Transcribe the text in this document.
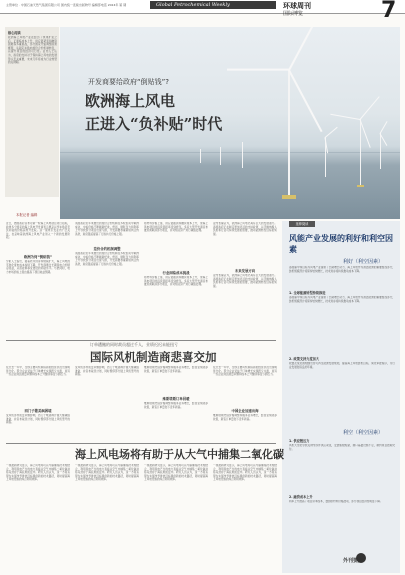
主管单位 · 中国石油天然气集团有限公司 国内统一连续出版物号 编辑部电话 2024年 第 期	Global Petrochemical Weekly	环球周刊
国际博览	7
核心阅读
欧洲海上风电产业在经历了快速扩张之后，正面临成本上升、供应链紧张和融资困难等多重挑战，部分国家开始调整政策框架，从固定补贴向差价合约机制转变，以提升项目的经济可行性。业内人士认为，政府的支持对于保持海上风电的发展势头至关重要，未来几年将成为行业转型的关键期。
本报记者 编辑
开发商要给政府“倒贴钱”?
欧洲海上风电
正进入“负补贴”时代
近日，德国政府宣布对新一轮海上风电项目进行招标，欧洲多个国家的海上风电开发商表示愿意以零补贴甚至负补贴的价格获得开发权。这一现象引发业内广泛关注，也意味着欧洲海上风电产业进入一个新的发展阶段。
欧洲为何“倒贴钱”
分析人士指出，随着技术进步和规模扩大，海上风电的平准化度电成本持续下降，开发商通过长期售电合约锁定收益，从而能够承受更低的补贴水平。与此同时，电力市场价格上涨也提高了项目收益预期。
英国政府近年来推出的差价合约机制在多轮拍卖中取得成功，中标价格不断刷新纪录。然而，通胀压力和利率上升导致部分项目出现亏损，开发商要求重新谈判合约条款，政府随后提高了行政执行价格上限。
差价合约机制调整
英国政府近年来推出的差价合约机制在多轮拍卖中取得成功，中标价格不断刷新纪录。然而，通胀压力和利率上升导致部分项目出现亏损，开发商要求重新谈判合约条款，政府随后提高了行政执行价格上限。
原材料价格上涨、供应链瓶颈和融资成本上升，使海上风电项目的投资回报率受到挤压。多家大型开发商宣布推迟或取消部分项目，并对相关资产进行减值处理。
行业面临成本挑战
原材料价格上涨、供应链瓶颈和融资成本上升，使海上风电项目的投资回报率受到挤压。多家大型开发商宣布推迟或取消部分项目，并对相关资产进行减值处理。
业内普遍认为，欧洲海上风电仍具有巨大的发展潜力。各国政府正在制定更加灵活的支持政策，以平衡纳税人负担和行业可持续发展的需要，推动能源转型目标的实现。
未来发展方向
业内普遍认为，欧洲海上风电仍具有巨大的发展潜力。各国政府正在制定更加灵活的支持政策，以平衡纳税人负担和行业可持续发展的需要，推动能源转型目标的实现。
延伸阅读
风能产业发展的利好和利空因素
利好（利空因素）
各国碳中和目标为风电产业提供了长期增长动力，海上风电作为清洁能源的重要组成部分，装机规模预计将保持较快增长，技术进步将持续推动成本下降。
1. 全球能源转型持续推进
各国碳中和目标为风电产业提供了长期增长动力，海上风电作为清洁能源的重要组成部分，装机规模预计将保持较快增长，技术进步将持续推动成本下降。
2. 政策支持力度加大
欧盟及成员国相继出台可再生能源发展规划，提高海上风电装机目标，简化审批程序，为行业发展创造良好环境。
利空（利空因素）
1. 供应链压力
风机大型化导致关键零部件供应紧张，安装船舶短缺，港口基础设施不足，制约项目按期交付。
2. 融资成本上升
利率上升推高了项目资本成本，叠加原材料价格波动，部分项目经济性明显下降。
外刊要点
订单遭撤的同时裁员超过千人，业绩迟迟未能扭亏
国际风机制造商悲喜交加
在过去一年中，全球主要风机制造商的经营状况出现明显分化。部分企业受益于订单增长实现扭亏为盈，而另一些企业则因质量问题和成本上升继续承受亏损压力。
西门子歌美飒困境
受风机部件质量问题影响，西门子歌美飒计提大额减值准备，并宣布裁员计划，同时暂停部分陆上风机型号的销售。
受风机部件质量问题影响，西门子歌美飒计提大额减值准备，并宣布裁员计划，同时暂停部分陆上风机型号的销售。
维斯塔斯凭借价格调整和服务业务增长，经营业绩逐步改善，新签订单量创下近年新高。
维斯塔斯订单回暖
维斯塔斯凭借价格调整和服务业务增长，经营业绩逐步改善，新签订单量创下近年新高。
在过去一年中，全球主要风机制造商的经营状况出现明显分化。部分企业受益于订单增长实现扭亏为盈，而另一些企业则因质量问题和成本上升继续承受亏损压力。
中国企业加速出海
维斯塔斯凭借价格调整和服务业务增长，经营业绩逐步改善，新签订单量创下近年新高。
海上风电场将有助于从大气中捕集二氧化碳
一项最新研究显示，海上风电场可以与碳捕集技术相结合，利用风电产生的电力直接从空气中捕集二氧化碳并将其封存于海底地质层中。研究人员认为，这一方案有望为实现净零排放目标提供新的技术路径，同时提高海上风电设施的综合利用效率。
一项最新研究显示，海上风电场可以与碳捕集技术相结合，利用风电产生的电力直接从空气中捕集二氧化碳并将其封存于海底地质层中。研究人员认为，这一方案有望为实现净零排放目标提供新的技术路径，同时提高海上风电设施的综合利用效率。
一项最新研究显示，海上风电场可以与碳捕集技术相结合，利用风电产生的电力直接从空气中捕集二氧化碳并将其封存于海底地质层中。研究人员认为，这一方案有望为实现净零排放目标提供新的技术路径，同时提高海上风电设施的综合利用效率。
一项最新研究显示，海上风电场可以与碳捕集技术相结合，利用风电产生的电力直接从空气中捕集二氧化碳并将其封存于海底地质层中。研究人员认为，这一方案有望为实现净零排放目标提供新的技术路径，同时提高海上风电设施的综合利用效率。
